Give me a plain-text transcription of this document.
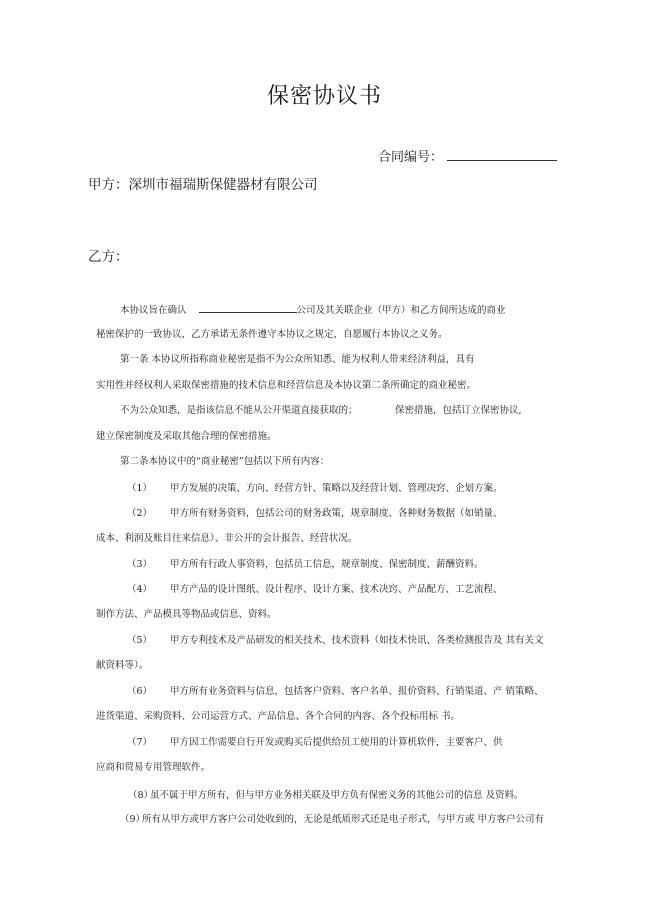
保密协议书
合同编号：
甲方：深圳市福瑞斯保健器材有限公司
乙方：
本协议旨在确认	公司及其关联企业（甲方）和乙方间所达成的商业
秘密保护的一致协议，乙方承诺无条件遵守本协议之规定，自愿履行本协议之义务。
第一条 本协议所指称商业秘密是指不为公众所知悉、能为权利人带来经济利益，具有
实用性并经权利人采取保密措施的技术信息和经营信息及本协议第二条所确定的商业秘密。
不为公众知悉，是指该信息不能从公开渠道直接获取的；	保密措施，包括订立保密协议,
建立保密制度及采取其他合理的保密措施。
第二条本协议中的“商业秘密”包括以下所有内容：
（1） 甲方发展的决策、方向、经营方针、策略以及经营计划、管理决窍、企划方案。
（2） 甲方所有财务资料，包括公司的财务政策，规章制度、各种财务数据（如销量、
成本、利润及账目往来信息）、非公开的会计报告、经营状况。
（3） 甲方所有行政人事资料，包括员工信息，规章制度、保密制度、薪酬资料。
（4） 甲方产品的设计图纸、设计程序、设计方案、技术决窍、产品配方、工艺流程、
制作方法、产品模具等物品或信息、资料。
（5） 甲方专利技术及产品研发的相关技术、技术资料（如技术快讯、各类检测报告及 其有关文
献资料等）。
（6） 甲方所有业务资料与信息，包括客户资料、客户名单、报价资料、行销渠道、产 销策略、
进货渠道、采购资料、公司运营方式、产品信息、各个合同的内容、各个投标用标 书。
（7） 甲方因工作需要自行开发或购买后提供给员工使用的计算机软件，主要客户、供
应商和贸易专用管理软件。
（8）
虽不属于甲方所有，但与甲方业务相关联及甲方负有保密义务的其他公司的信息 及资料。
（9）
所有从甲方或甲方客户公司处收到的，无论是纸质形式还是电子形式，与甲方或 甲方客户公司有
